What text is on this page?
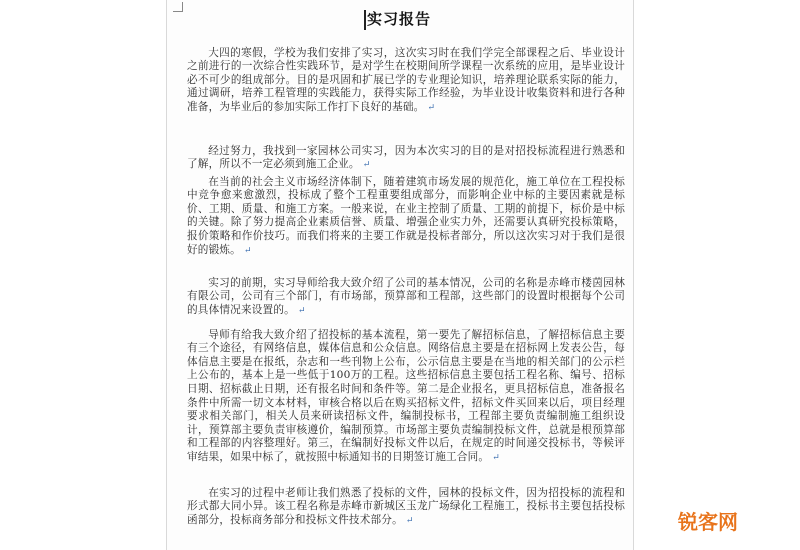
实习报告

大四的寒假，学校为我们安排了实习，这次实习时在我们学完全部课程之后、毕业设计之前进行的一次综合性实践环节，是对学生在校期间所学课程一次系统的应用，是毕业设计必不可少的组成部分。目的是巩固和扩展已学的专业理论知识，培养理论联系实际的能力，通过调研，培养工程管理的实践能力，获得实际工作经验，为毕业设计收集资料和进行各种准备，为毕业后的参加实际工作打下良好的基础。 ↵

经过努力，我找到一家园林公司实习，因为本次实习的目的是对招投标流程进行熟悉和了解，所以不一定必须到施工企业。 ↵

在当前的社会主义市场经济体制下，随着建筑市场发展的规范化，施工单位在工程投标中竞争愈来愈激烈，投标成了整个工程重要组成部分，而影响企业中标的主要因素就是标价、工期、质量、和施工方案。一般来说，在业主控制了质量、工期的前提下，标价是中标的关键。除了努力提高企业素质信誉、质量、增强企业实力外，还需要认真研究投标策略，报价策略和作价技巧。而我们将来的主要工作就是投标者部分，所以这次实习对于我们是很好的锻炼。 ↵

实习的前期，实习导师给我大致介绍了公司的基本情况，公司的名称是赤峰市楼茵园林有限公司，公司有三个部门，有市场部，预算部和工程部，这些部门的设置时根据每个公司的具体情况来设置的。 ↵

导师有给我大致介绍了招投标的基本流程，第一要先了解招标信息，了解招标信息主要有三个途径，有网络信息，媒体信息和公众信息。网络信息主要是在招标网上发表公告，每体信息主要是在报纸，杂志和一些刊物上公布，公示信息主要是在当地的相关部门的公示栏上公布的，基本上是一些低于100万的工程。这些招标信息主要包括工程名称、编号、招标日期、招标截止日期，还有报名时间和条件等。第二是企业报名，更具招标信息，准备报名条件中所需一切文本材料，审核合格以后在购买招标文件，招标文件买回来以后，项目经理要求相关部门，相关人员来研读招标文件，编制投标书，工程部主要负责编制施工组织设计，预算部主要负责审核遵价，编制预算。市场部主要负责编制投标文件，总就是根预算部和工程部的内容整理好。第三，在编制好投标文件以后，在规定的时间递交投标书，等候评审结果，如果中标了，就按照中标通知书的日期签订施工合同。 ↵

在实习的过程中老师让我们熟悉了投标的文件，园林的投标文件，因为招投标的流程和形式都大同小异。该工程名称是赤峰市新城区玉龙广场绿化工程施工，投标书主要包括投标函部分，投标商务部分和投标文件技术部分。 ↵	锐客网
